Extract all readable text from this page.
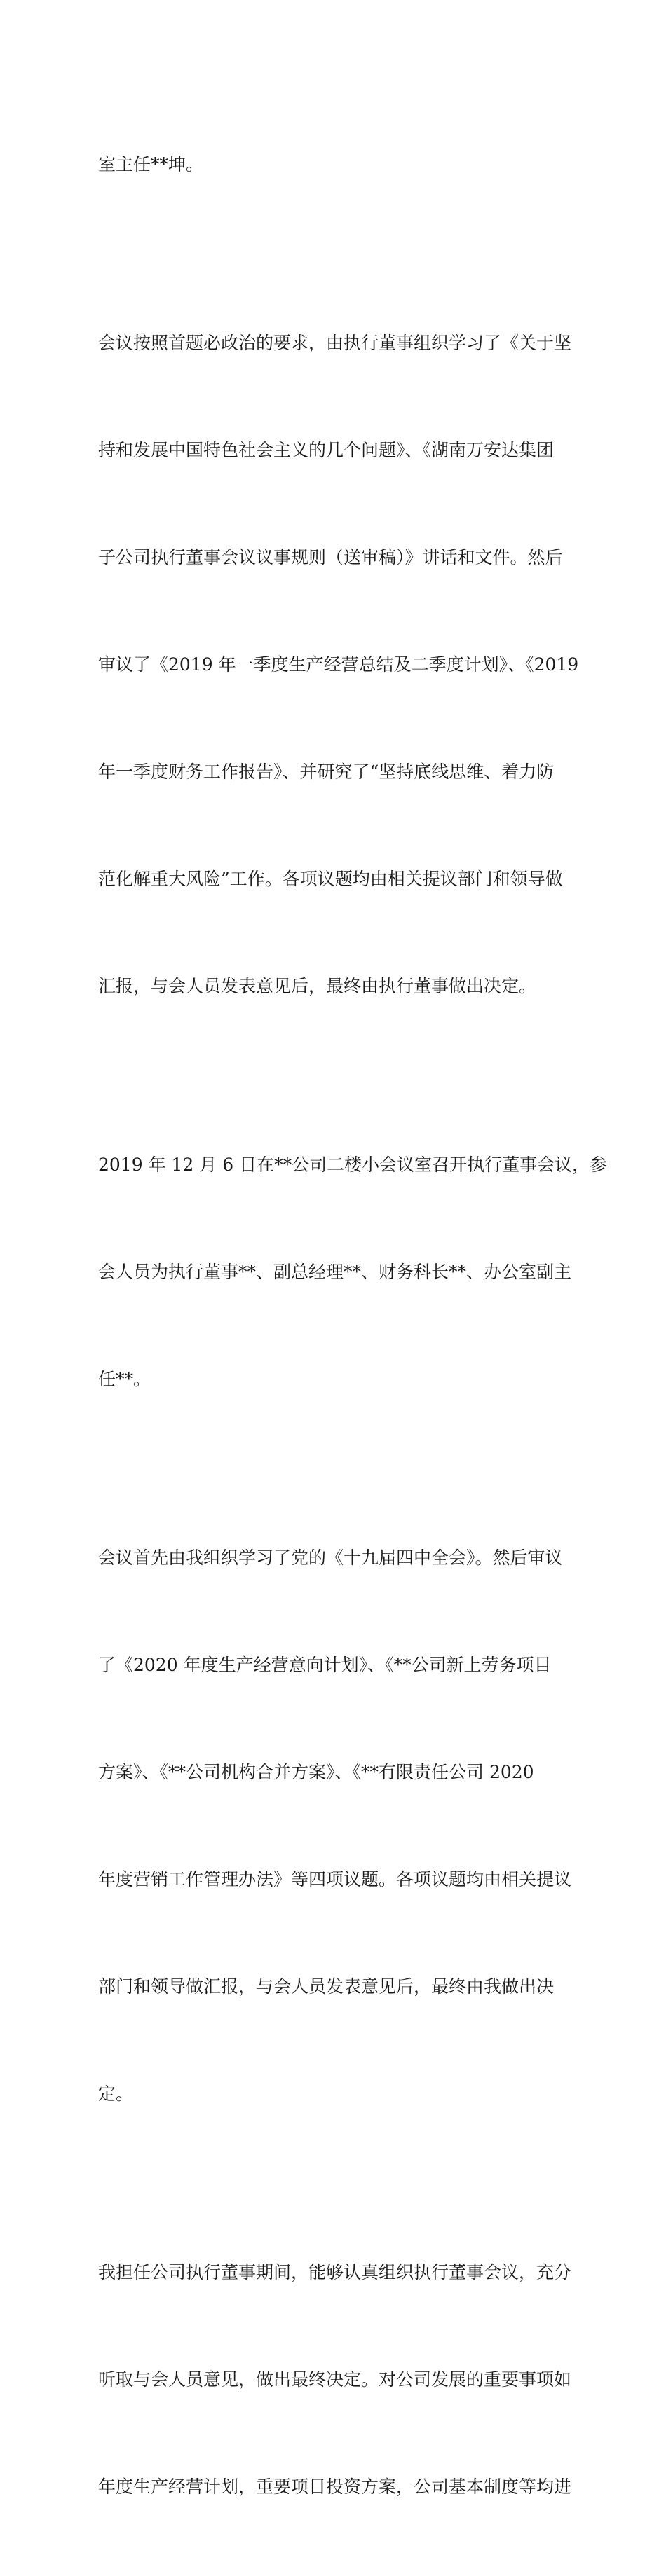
室主任**坤。

会议按照首题必政治的要求，由执行董事组织学习了《关于坚

持和发展中国特色社会主义的几个问题》、《湖南万安达集团

子公司执行董事会议议事规则（送审稿）》讲话和文件。然后

审议了《2019 年一季度生产经营总结及二季度计划》、《2019

年一季度财务工作报告》、并研究了“坚持底线思维、着力防

范化解重大风险”工作。各项议题均由相关提议部门和领导做

汇报，与会人员发表意见后，最终由执行董事做出决定。

2019 年 12 月 6 日在**公司二楼小会议室召开执行董事会议，参

会人员为执行董事**、副总经理**、财务科长**、办公室副主

任**。

会议首先由我组织学习了党的《十九届四中全会》。然后审议

了《2020 年度生产经营意向计划》、《**公司新上劳务项目

方案》、《**公司机构合并方案》、《**有限责任公司 2020

年度营销工作管理办法》等四项议题。各项议题均由相关提议

部门和领导做汇报，与会人员发表意见后，最终由我做出决

定。

我担任公司执行董事期间，能够认真组织执行董事会议，充分

听取与会人员意见，做出最终决定。对公司发展的重要事项如

年度生产经营计划，重要项目投资方案，公司基本制度等均进
